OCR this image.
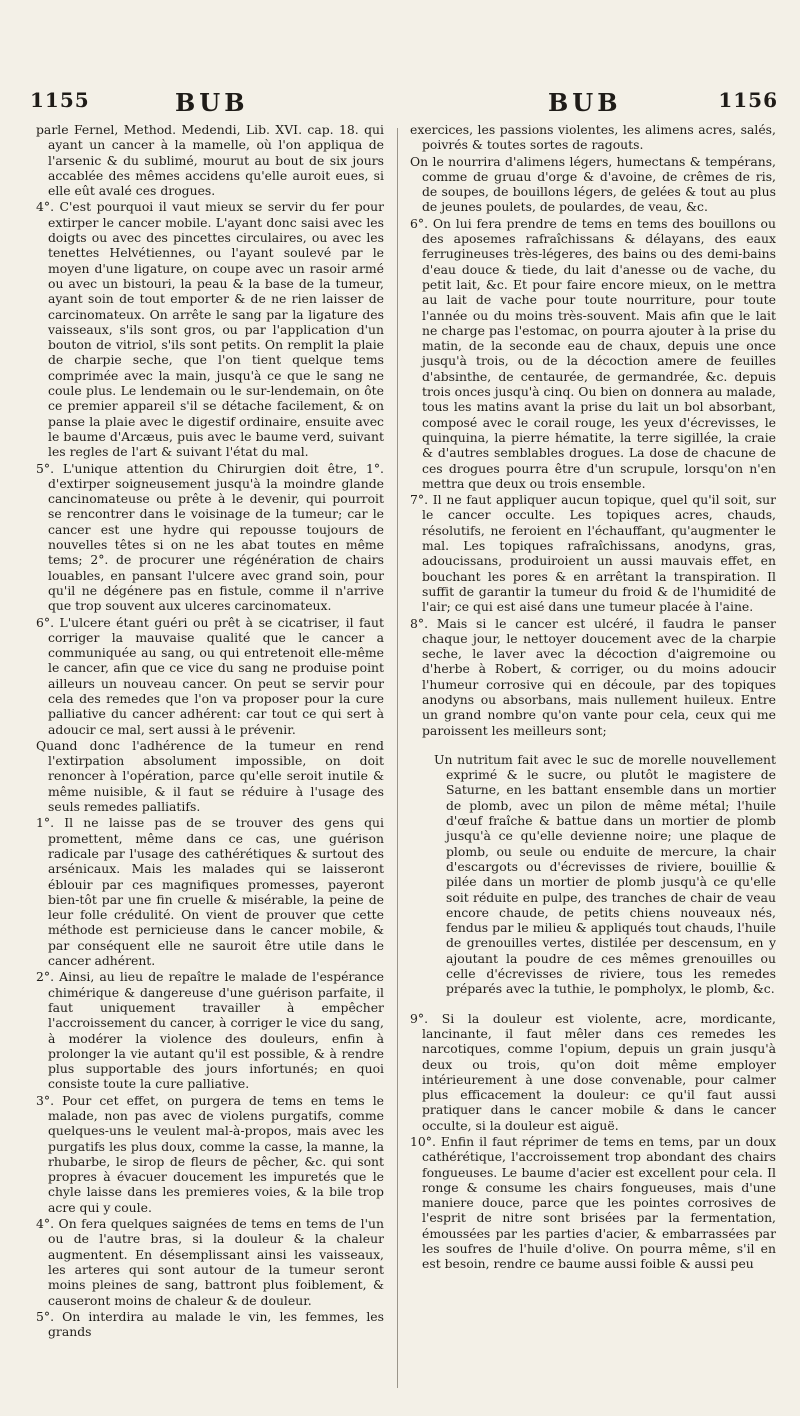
1155	BUB	BUB	1156

parle Fernel, Method. Medendi, Lib. XVI. cap. 18. qui ayant un cancer à la mamelle, où l'on appliqua de l'arsenic & du sublimé, mourut au bout de six jours accablée des mêmes accidens qu'elle auroit eues, si elle eût avalé ces drogues.

4°. C'est pourquoi il vaut mieux se servir du fer pour extirper le cancer mobile. L'ayant donc saisi avec les doigts ou avec des pincettes circulaires, ou avec les tenettes Helvétiennes, ou l'ayant soulevé par le moyen d'une ligature, on coupe avec un rasoir armé ou avec un bistouri, la peau & la base de la tumeur, ayant soin de tout emporter & de ne rien laisser de carcinomateux. On arrête le sang par la ligature des vaisseaux, s'ils sont gros, ou par l'application d'un bouton de vitriol, s'ils sont petits. On remplit la plaie de charpie seche, que l'on tient quelque tems comprimée avec la main, jusqu'à ce que le sang ne coule plus. Le lendemain ou le sur-lendemain, on ôte ce premier appareil s'il se détache facilement, & on panse la plaie avec le digestif ordinaire, ensuite avec le baume d'Arcæus, puis avec le baume verd, suivant les regles de l'art & suivant l'état du mal.

5°. L'unique attention du Chirurgien doit être, 1°. d'extirper soigneusement jusqu'à la moindre glande cancinomateuse ou prête à le devenir, qui pourroit se rencontrer dans le voisinage de la tumeur; car le cancer est une hydre qui repousse toujours de nouvelles têtes si on ne les abat toutes en même tems; 2°. de procurer une régénération de chairs louables, en pansant l'ulcere avec grand soin, pour qu'il ne dégénere pas en fistule, comme il n'arrive que trop souvent aux ulceres carcinomateux.

6°. L'ulcere étant guéri ou prêt à se cicatriser, il faut corriger la mauvaise qualité que le cancer a communiquée au sang, ou qui entretenoit elle-même le cancer, afin que ce vice du sang ne produise point ailleurs un nouveau cancer. On peut se servir pour cela des remedes que l'on va proposer pour la cure palliative du cancer adhérent: car tout ce qui sert à adoucir ce mal, sert aussi à le prévenir.

Quand donc l'adhérence de la tumeur en rend l'extirpation absolument impossible, on doit renoncer à l'opération, parce qu'elle seroit inutile & même nuisible, & il faut se réduire à l'usage des seuls remedes palliatifs.

1°. Il ne laisse pas de se trouver des gens qui promettent, même dans ce cas, une guérison radicale par l'usage des cathérétiques & surtout des arsénicaux. Mais les malades qui se laisseront éblouir par ces magnifiques promesses, payeront bien-tôt par une fin cruelle & misérable, la peine de leur folle crédulité. On vient de prouver que cette méthode est pernicieuse dans le cancer mobile, & par conséquent elle ne sauroit être utile dans le cancer adhérent.

2°. Ainsi, au lieu de repaître le malade de l'espérance chimérique & dangereuse d'une guérison parfaite, il faut uniquement travailler à empêcher l'accroissement du cancer, à corriger le vice du sang, à modérer la violence des douleurs, enfin à prolonger la vie autant qu'il est possible, & à rendre plus supportable des jours infortunés; en quoi consiste toute la cure palliative.

3°. Pour cet effet, on purgera de tems en tems le malade, non pas avec de violens purgatifs, comme quelques-uns le veulent mal-à-propos, mais avec les purgatifs les plus doux, comme la casse, la manne, la rhubarbe, le sirop de fleurs de pêcher, &c. qui sont propres à évacuer doucement les impuretés que le chyle laisse dans les premieres voies, & la bile trop acre qui y coule.

4°. On fera quelques saignées de tems en tems de l'un ou de l'autre bras, si la douleur & la chaleur augmentent. En désemplissant ainsi les vaisseaux, les arteres qui sont autour de la tumeur seront moins pleines de sang, battront plus foiblement, & causeront moins de chaleur & de douleur.

5°. On interdira au malade le vin, les femmes, les grands

exercices, les passions violentes, les alimens acres, salés, poivrés & toutes sortes de ragouts.

On le nourrira d'alimens légers, humectans & tempérans, comme de gruau d'orge & d'avoine, de crêmes de ris, de soupes, de bouillons légers, de gelées & tout au plus de jeunes poulets, de poulardes, de veau, &c.

6°. On lui fera prendre de tems en tems des bouillons ou des aposemes rafraîchissans & délayans, des eaux ferrugineuses très-légeres, des bains ou des demi-bains d'eau douce & tiede, du lait d'anesse ou de vache, du petit lait, &c. Et pour faire encore mieux, on le mettra au lait de vache pour toute nourriture, pour toute l'année ou du moins très-souvent. Mais afin que le lait ne charge pas l'estomac, on pourra ajouter à la prise du matin, de la seconde eau de chaux, depuis une once jusqu'à trois, ou de la décoction amere de feuilles d'absinthe, de centaurée, de germandrée, &c. depuis trois onces jusqu'à cinq. Ou bien on donnera au malade, tous les matins avant la prise du lait un bol absorbant, composé avec le corail rouge, les yeux d'écrevisses, le quinquina, la pierre hématite, la terre sigillée, la craie & d'autres semblables drogues. La dose de chacune de ces drogues pourra être d'un scrupule, lorsqu'on n'en mettra que deux ou trois ensemble.

7°. Il ne faut appliquer aucun topique, quel qu'il soit, sur le cancer occulte. Les topiques acres, chauds, résolutifs, ne feroient en l'échauffant, qu'augmenter le mal. Les topiques rafraîchissans, anodyns, gras, adoucissans, produiroient un aussi mauvais effet, en bouchant les pores & en arrêtant la transpiration. Il suffit de garantir la tumeur du froid & de l'humidité de l'air; ce qui est aisé dans une tumeur placée à l'aine.

8°. Mais si le cancer est ulcéré, il faudra le panser chaque jour, le nettoyer doucement avec de la charpie seche, le laver avec la décoction d'aigremoine ou d'herbe à Robert, & corriger, ou du moins adoucir l'humeur corrosive qui en découle, par des topiques anodyns ou absorbans, mais nullement huileux. Entre un grand nombre qu'on vante pour cela, ceux qui me paroissent les meilleurs sont;

Un nutritum fait avec le suc de morelle nouvellement exprimé & le sucre, ou plutôt le magistere de Saturne, en les battant ensemble dans un mortier de plomb, avec un pilon de même métal; l'huile d'œuf fraîche & battue dans un mortier de plomb jusqu'à ce qu'elle devienne noire; une plaque de plomb, ou seule ou enduite de mercure, la chair d'escargots ou d'écrevisses de riviere, bouillie & pilée dans un mortier de plomb jusqu'à ce qu'elle soit réduite en pulpe, des tranches de chair de veau encore chaude, de petits chiens nouveaux nés, fendus par le milieu & appliqués tout chauds, l'huile de grenouilles vertes, distilée per descensum, en y ajoutant la poudre de ces mêmes grenouilles ou celle d'écrevisses de riviere, tous les remedes préparés avec la tuthie, le pompholyx, le plomb, &c.

9°. Si la douleur est violente, acre, mordicante, lancinante, il faut mêler dans ces remedes les narcotiques, comme l'opium, depuis un grain jusqu'à deux ou trois, qu'on doit même employer intérieurement à une dose convenable, pour calmer plus efficacement la douleur: ce qu'il faut aussi pratiquer dans le cancer mobile & dans le cancer occulte, si la douleur est aiguë.

10°. Enfin il faut réprimer de tems en tems, par un doux cathérétique, l'accroissement trop abondant des chairs fongueuses. Le baume d'acier est excellent pour cela. Il ronge & consume les chairs fongueuses, mais d'une maniere douce, parce que les pointes corrosives de l'esprit de nitre sont brisées par la fermentation, émoussées par les parties d'acier, & embarrassées par les soufres de l'huile d'olive. On pourra même, s'il en est besoin, rendre ce baume aussi foible & aussi peu
